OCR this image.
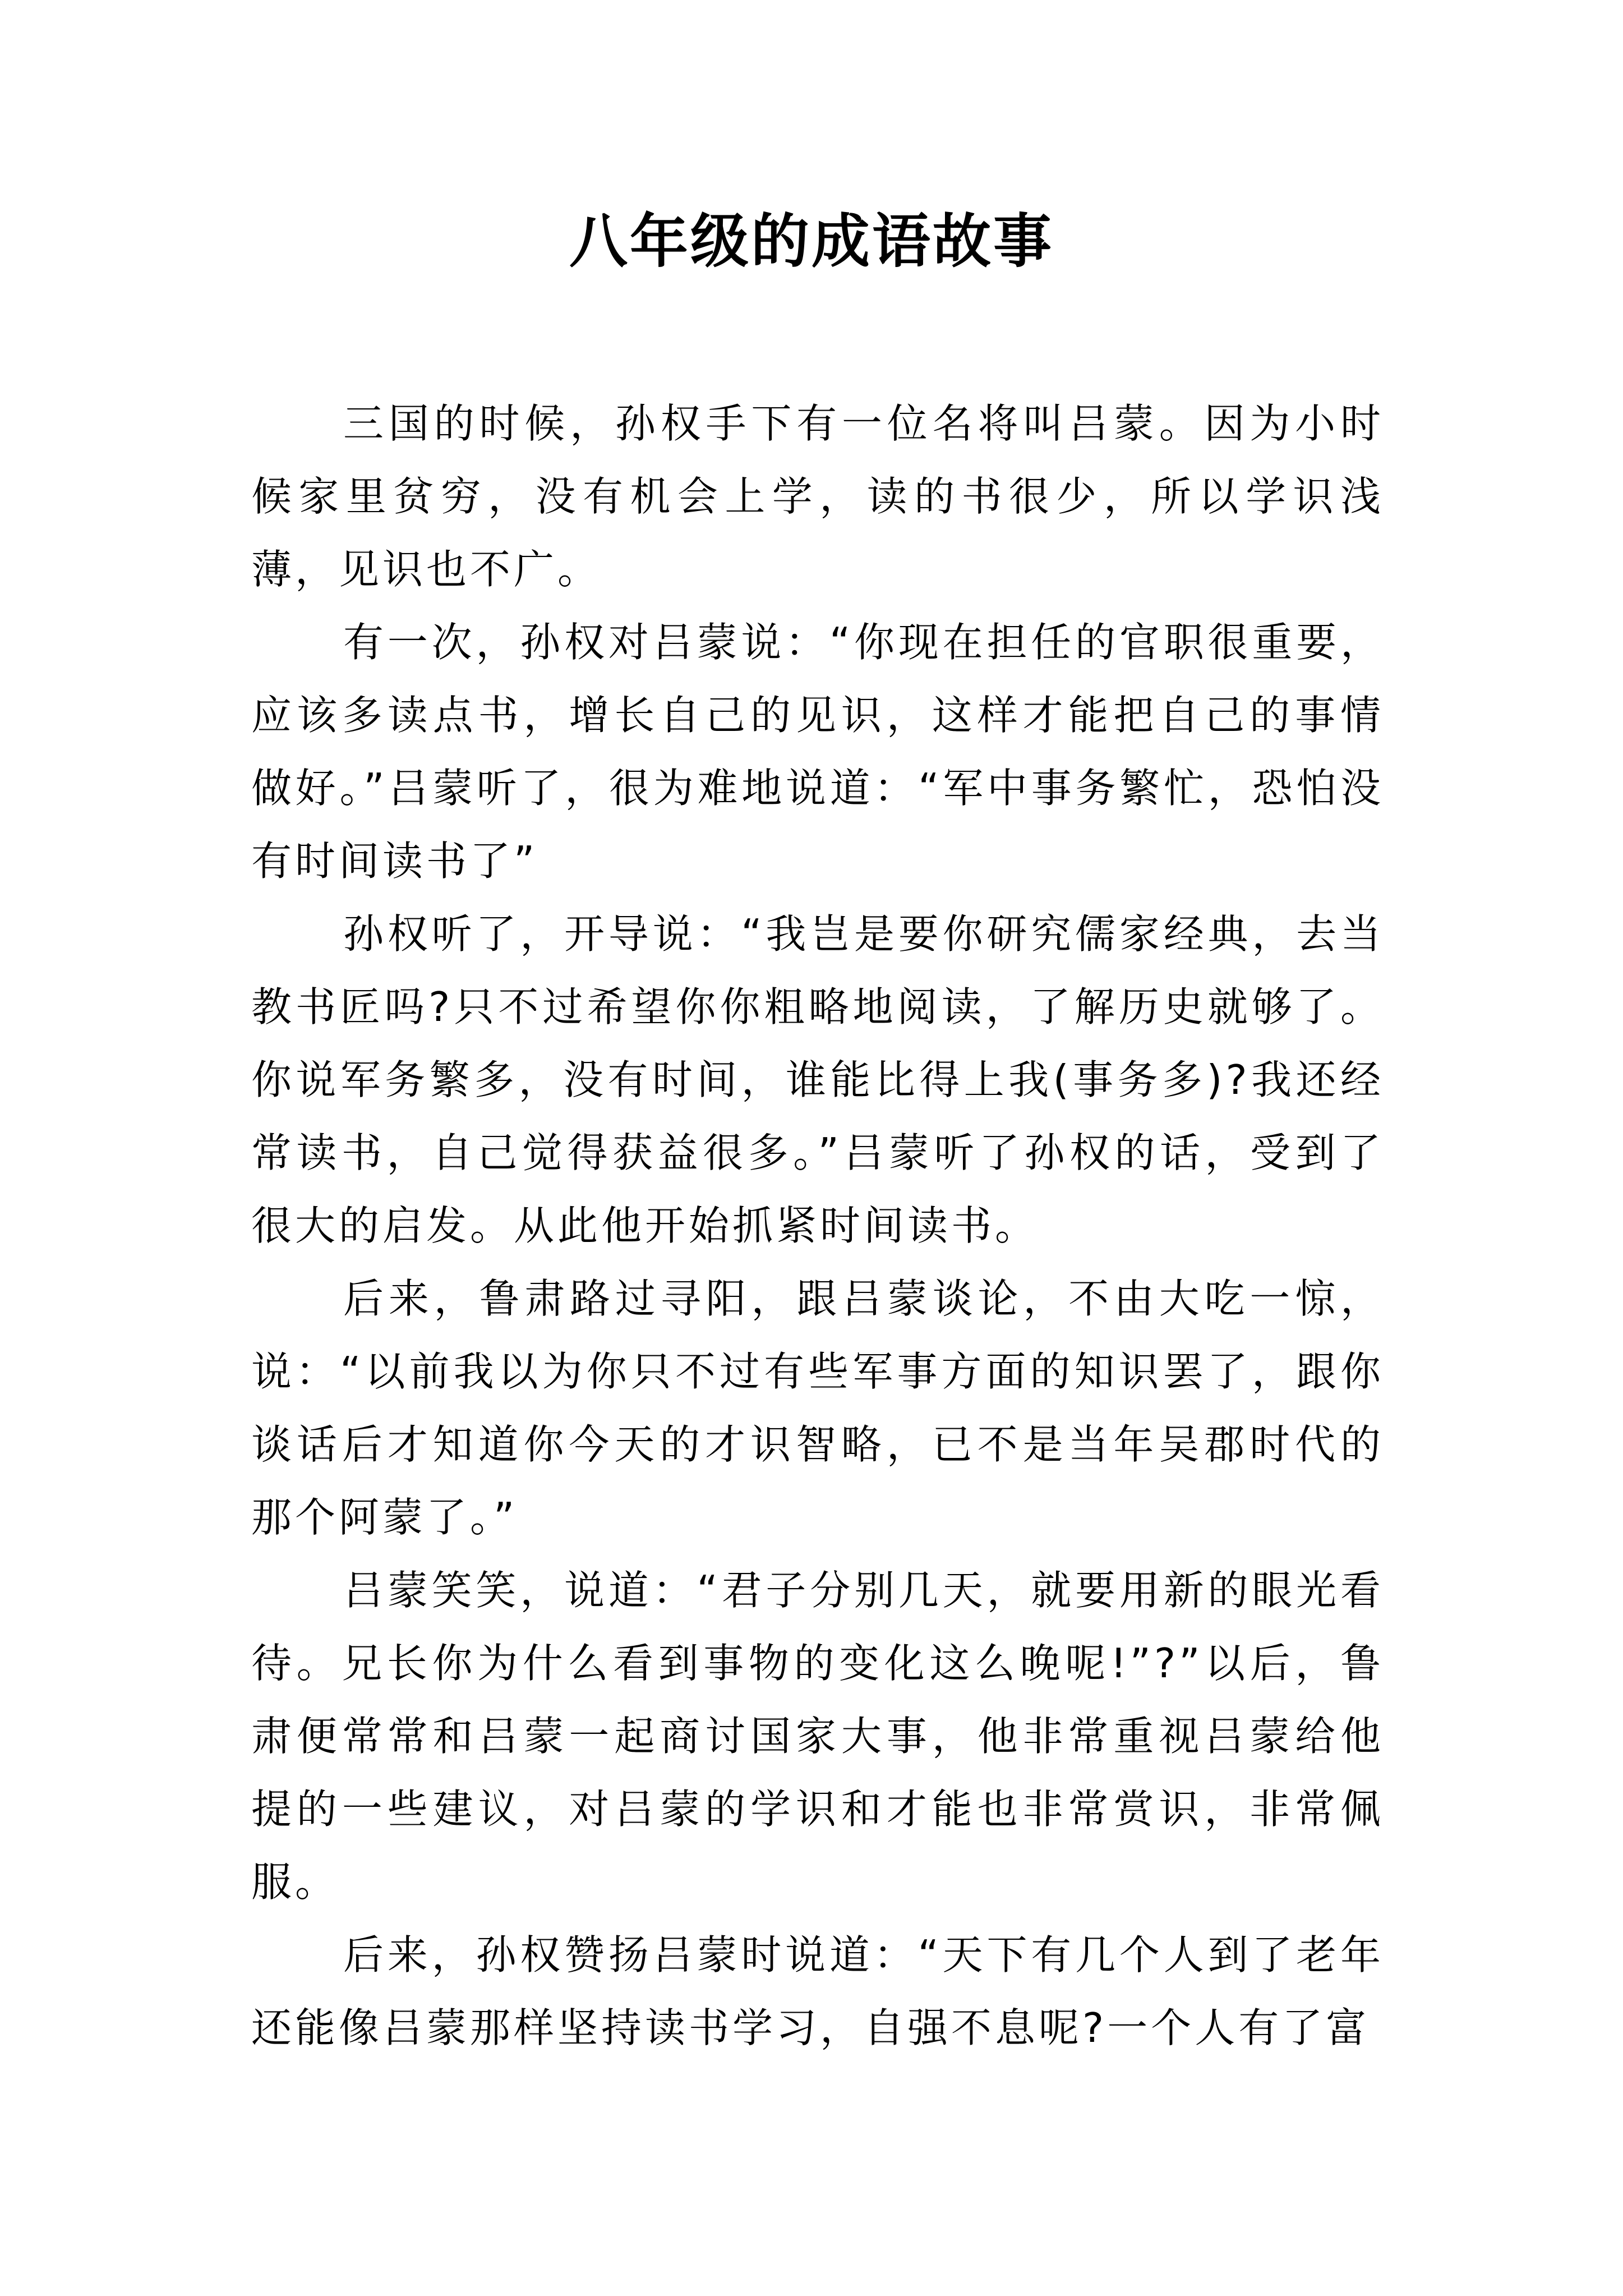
八年级的成语故事

三国的时候，孙权手下有一位名将叫吕蒙。因为小时候家里贫穷，没有机会上学，读的书很少，所以学识浅薄，见识也不广。

有一次，孙权对吕蒙说：“你现在担任的官职很重要，应该多读点书，增长自己的见识，这样才能把自己的事情做好。”吕蒙听了，很为难地说道：“军中事务繁忙，恐怕没有时间读书了”

孙权听了，开导说：“我岂是要你研究儒家经典，去当教书匠吗?只不过希望你你粗略地阅读，了解历史就够了。你说军务繁多，没有时间，谁能比得上我(事务多)?我还经常读书，自己觉得获益很多。”吕蒙听了孙权的话，受到了很大的启发。从此他开始抓紧时间读书。

后来，鲁肃路过寻阳，跟吕蒙谈论，不由大吃一惊，说：“以前我以为你只不过有些军事方面的知识罢了，跟你谈话后才知道你今天的才识智略，已不是当年吴郡时代的那个阿蒙了。”

吕蒙笑笑，说道：“君子分别几天，就要用新的眼光看待。兄长你为什么看到事物的变化这么晚呢!”?”以后，鲁肃便常常和吕蒙一起商讨国家大事，他非常重视吕蒙给他提的一些建议，对吕蒙的学识和才能也非常赏识，非常佩服。

后来，孙权赞扬吕蒙时说道：“天下有几个人到了老年还能像吕蒙那样坚持读书学习，自强不息呢?一个人有了富
